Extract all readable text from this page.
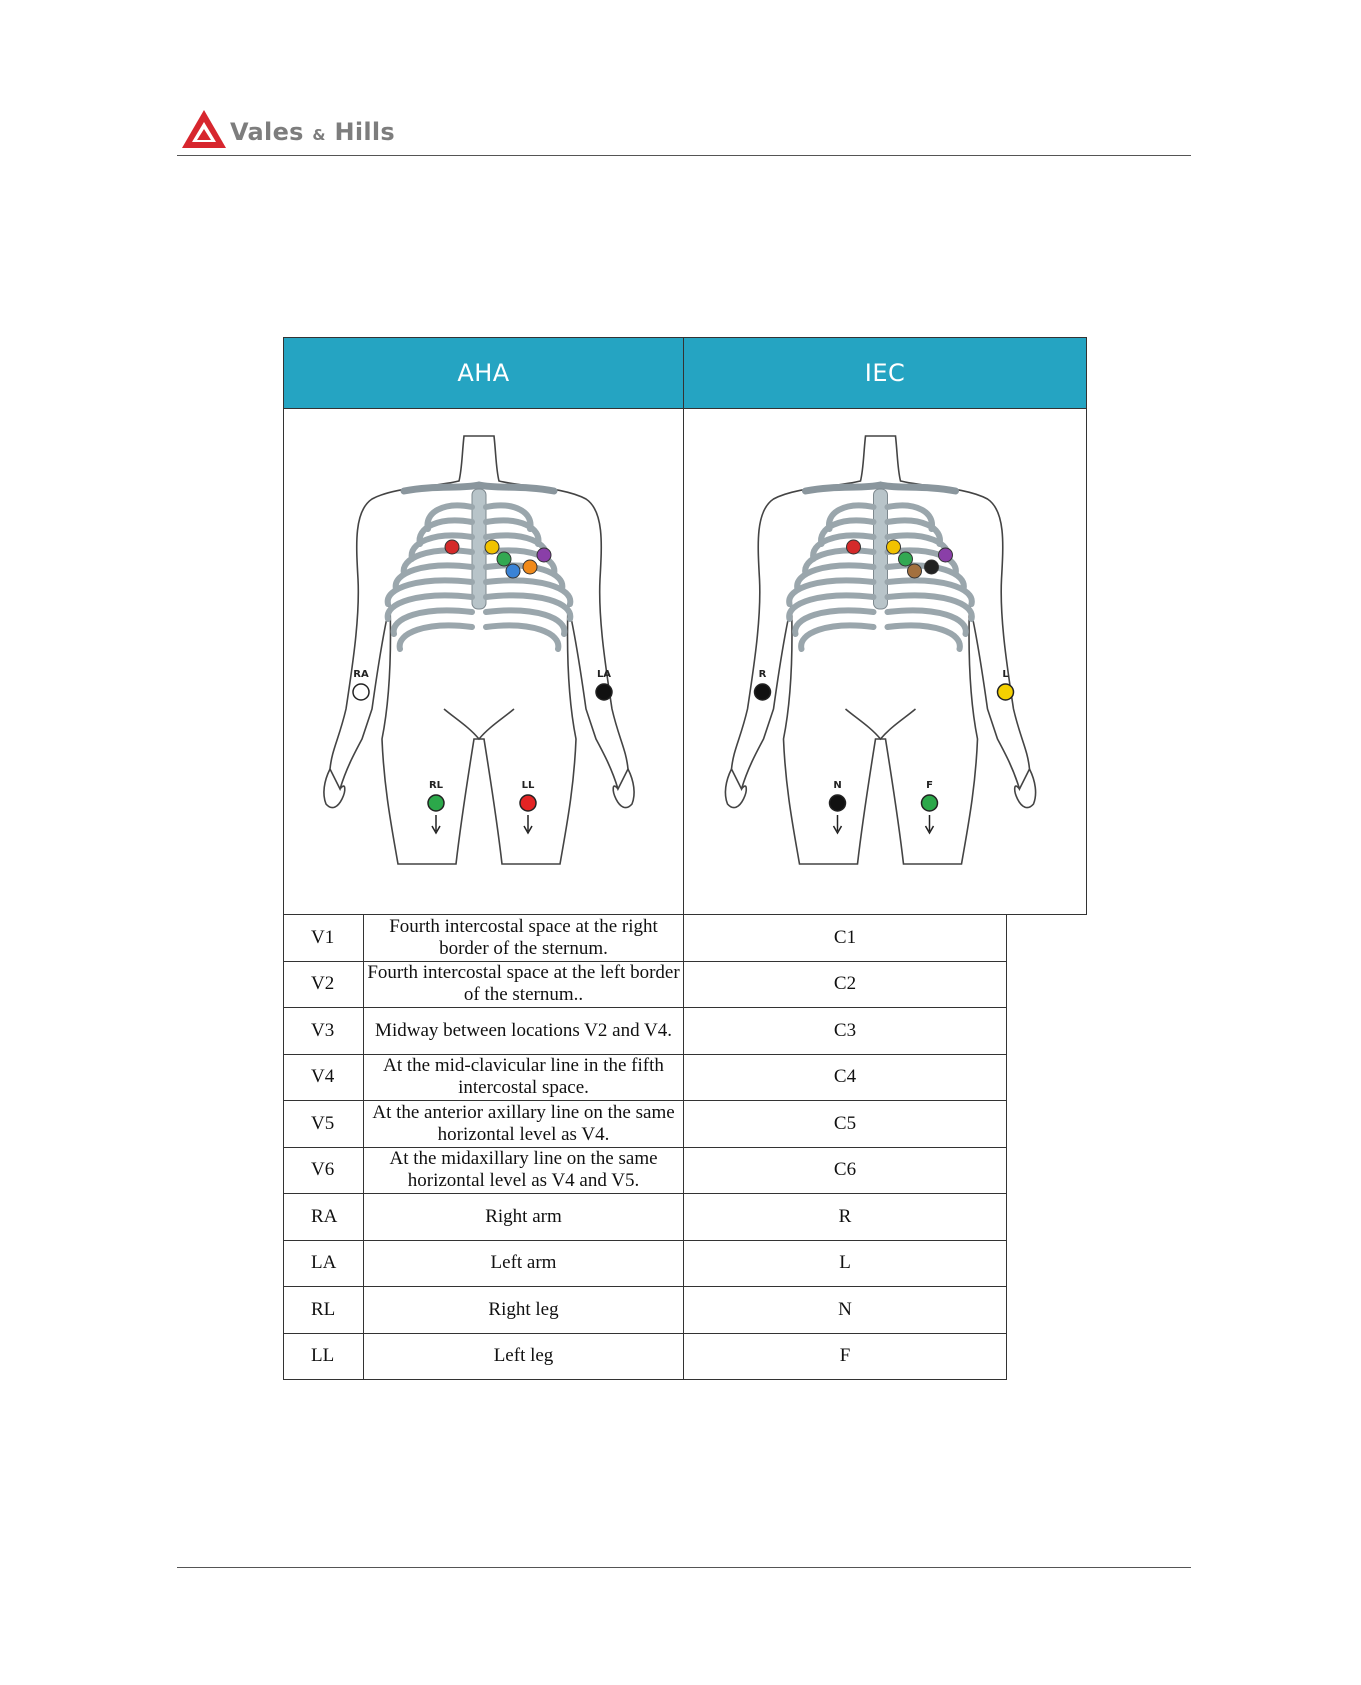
Vales & Hills
AHA		IEC

RA LA
RL LL		R L
N F

V1	Fourth intercostal space at the right border of the sternum.	C1
V2	Fourth intercostal space at the left border of the sternum..	C2
V3	Midway between locations V2 and V4.	C3
V4	At the mid-clavicular line in the fifth intercostal space.	C4
V5	At the anterior axillary line on the same horizontal level as V4.	C5
V6	At the midaxillary line on the same horizontal level as V4 and V5.	C6
RA	Right arm	R
LA	Left arm	L
RL	Right leg	N
LL	Left leg	F
